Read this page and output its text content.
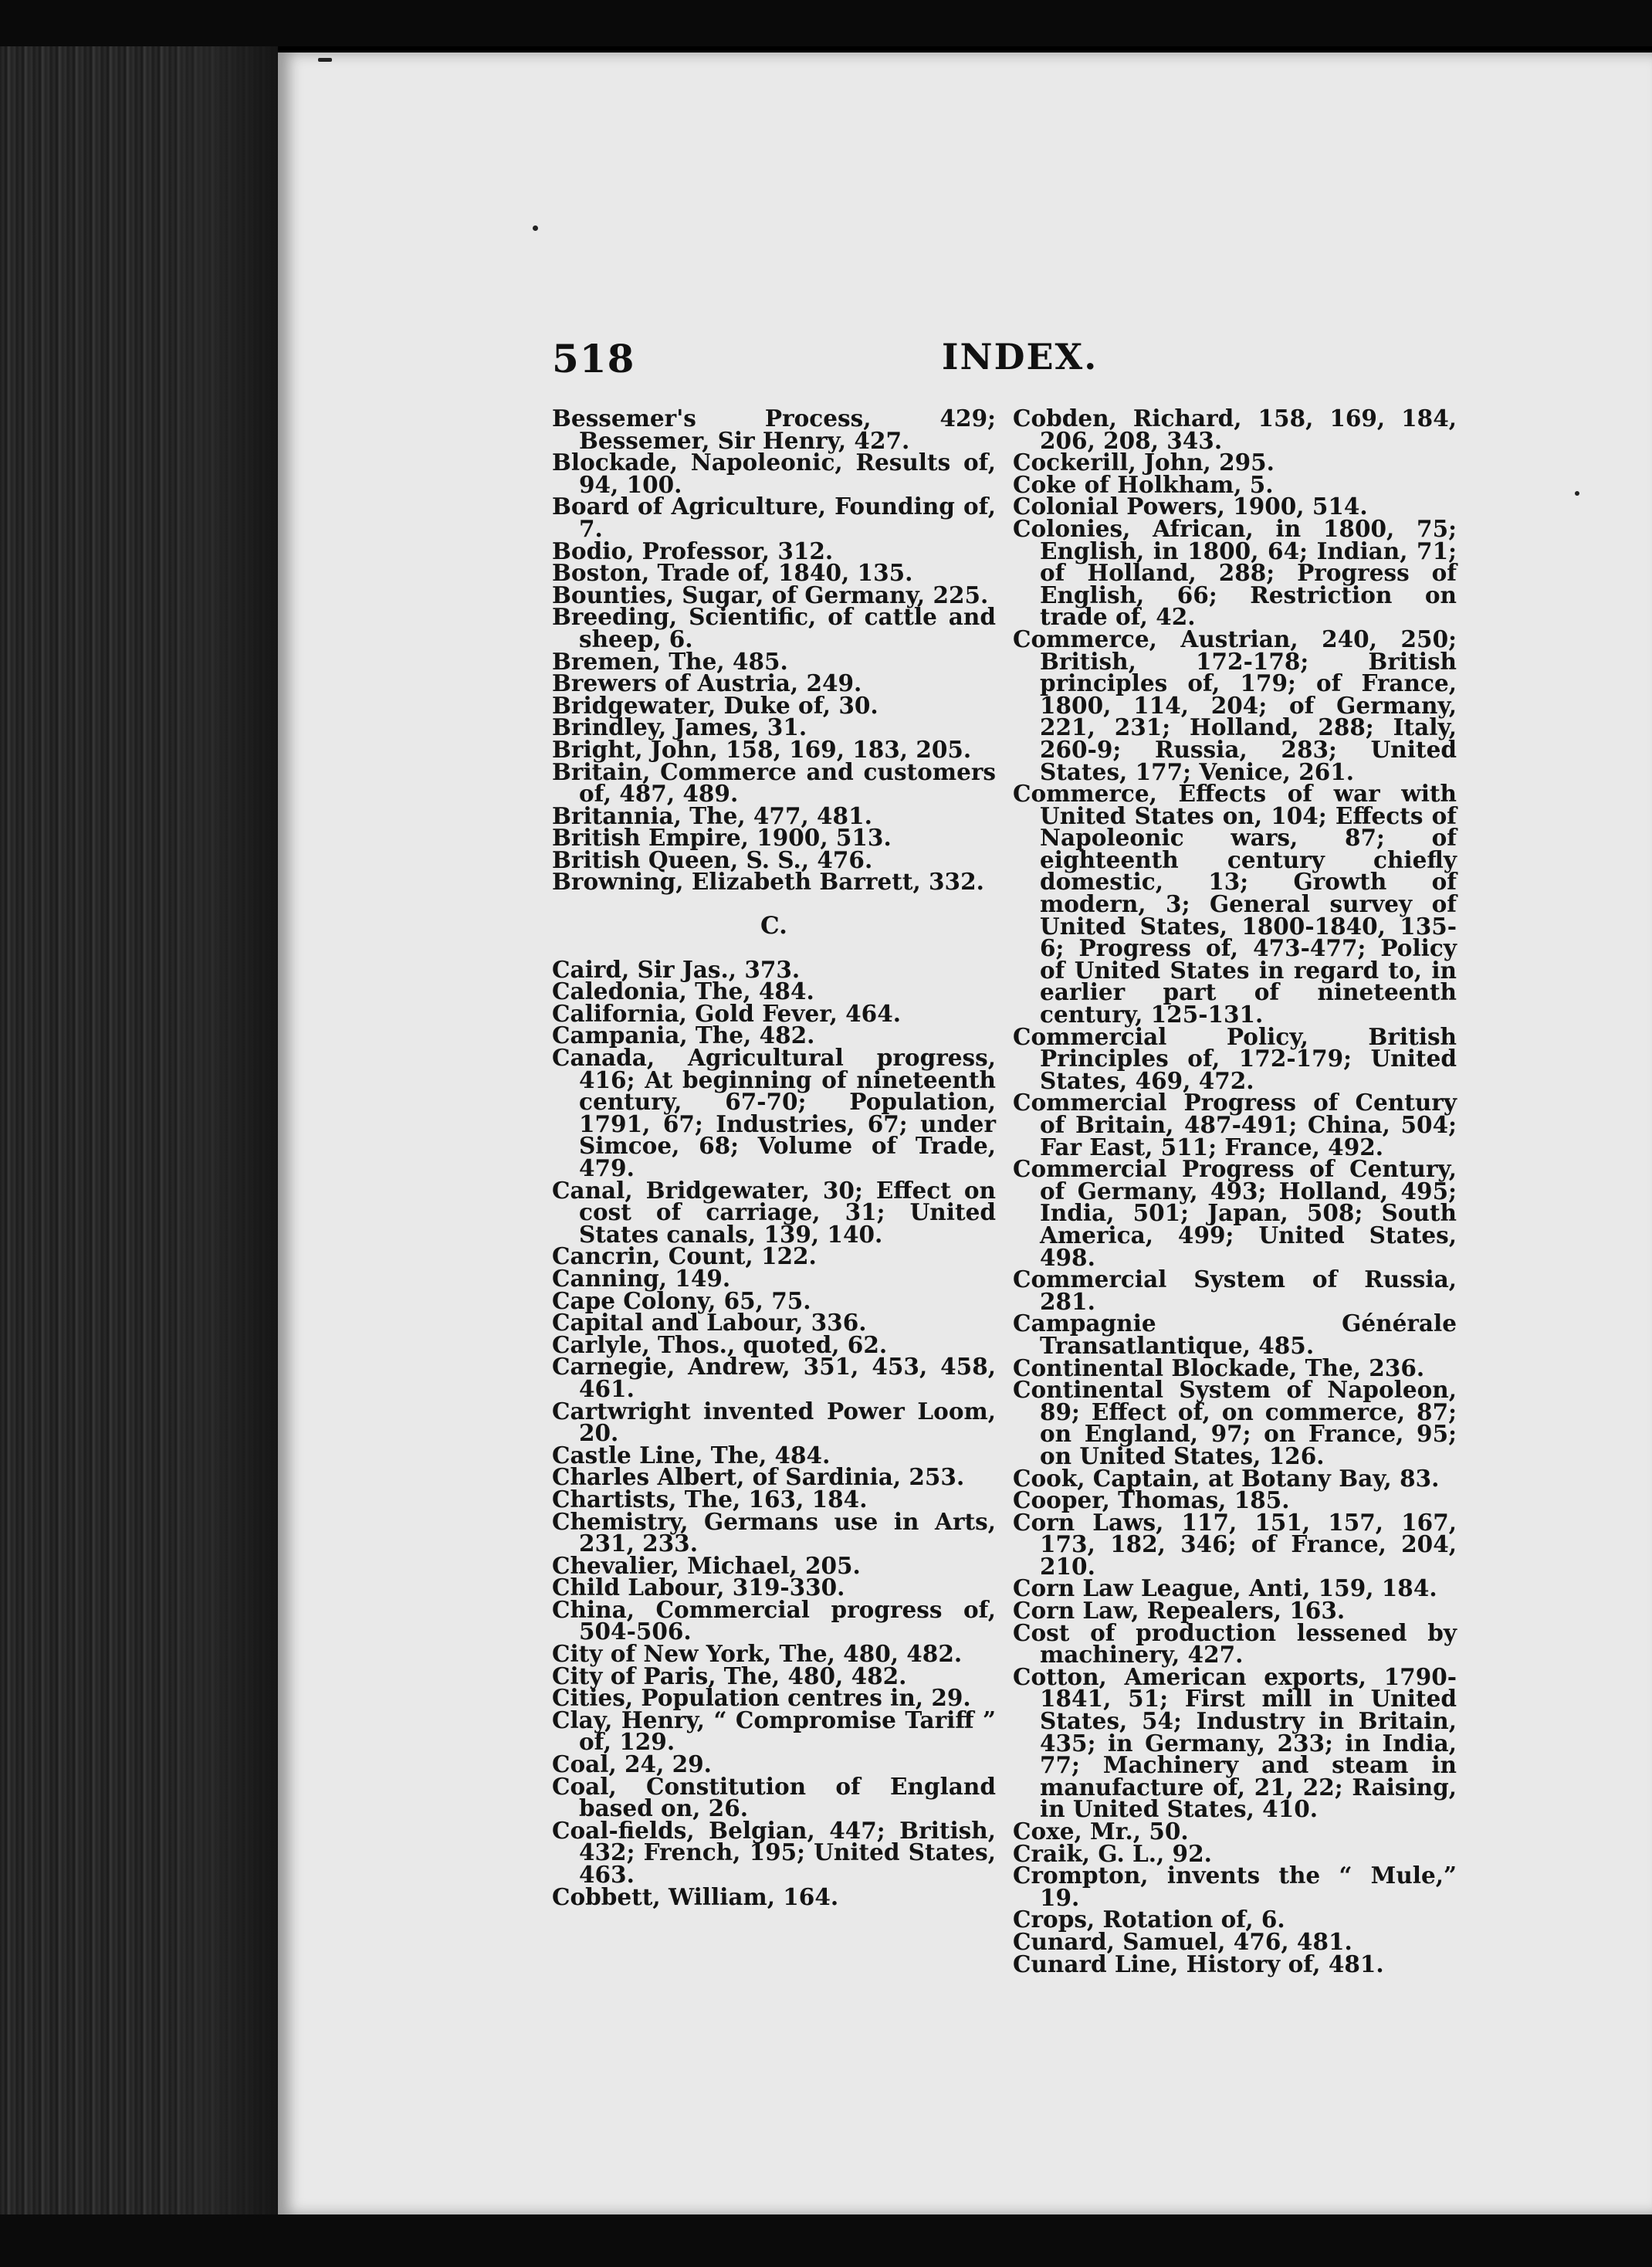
518	INDEX.

Bessemer's Process, 429; Bessemer, Sir Henry, 427.

Blockade, Napoleonic, Results of, 94, 100.

Board of Agriculture, Founding of, 7.

Bodio, Professor, 312.

Boston, Trade of, 1840, 135.

Bounties, Sugar, of Germany, 225.

Breeding, Scientific, of cattle and sheep, 6.

Bremen, The, 485.

Brewers of Austria, 249.

Bridgewater, Duke of, 30.

Brindley, James, 31.

Bright, John, 158, 169, 183, 205.

Britain, Commerce and customers of, 487, 489.

Britannia, The, 477, 481.

British Empire, 1900, 513.

British Queen, S. S., 476.

Browning, Elizabeth Barrett, 332.

C.

Caird, Sir Jas., 373.

Caledonia, The, 484.

California, Gold Fever, 464.

Campania, The, 482.

Canada, Agricultural progress, 416; At beginning of nineteenth century, 67-70; Population, 1791, 67; Industries, 67; under Simcoe, 68; Volume of Trade, 479.

Canal, Bridgewater, 30; Effect on cost of carriage, 31; United States canals, 139, 140.

Cancrin, Count, 122.

Canning, 149.

Cape Colony, 65, 75.

Capital and Labour, 336.

Carlyle, Thos., quoted, 62.

Carnegie, Andrew, 351, 453, 458, 461.

Cartwright invented Power Loom, 20.

Castle Line, The, 484.

Charles Albert, of Sardinia, 253.

Chartists, The, 163, 184.

Chemistry, Germans use in Arts, 231, 233.

Chevalier, Michael, 205.

Child Labour, 319-330.

China, Commercial progress of, 504-506.

City of New York, The, 480, 482.

City of Paris, The, 480, 482.

Cities, Population centres in, 29.

Clay, Henry, “ Compromise Tariff ” of, 129.

Coal, 24, 29.

Coal, Constitution of England based on, 26.

Coal-fields, Belgian, 447; British, 432; French, 195; United States, 463.

Cobbett, William, 164.

Cobden, Richard, 158, 169, 184, 206, 208, 343.

Cockerill, John, 295.

Coke of Holkham, 5.

Colonial Powers, 1900, 514.

Colonies, African, in 1800, 75; English, in 1800, 64; Indian, 71; of Holland, 288; Progress of English, 66; Restriction on trade of, 42.

Commerce, Austrian, 240, 250; British, 172-178; British principles of, 179; of France, 1800, 114, 204; of Germany, 221, 231; Holland, 288; Italy, 260-9; Russia, 283; United States, 177; Venice, 261.

Commerce, Effects of war with United States on, 104; Effects of Napoleonic wars, 87; of eighteenth century chiefly domestic, 13; Growth of modern, 3; General survey of United States, 1800-1840, 135-6; Progress of, 473-477; Policy of United States in regard to, in earlier part of nineteenth century, 125-131.

Commercial Policy, British Principles of, 172-179; United States, 469, 472.

Commercial Progress of Century of Britain, 487-491; China, 504; Far East, 511; France, 492.

Commercial Progress of Century, of Germany, 493; Holland, 495; India, 501; Japan, 508; South America, 499; United States, 498.

Commercial System of Russia, 281.

Campagnie Générale Transatlantique, 485.

Continental Blockade, The, 236.

Continental System of Napoleon, 89; Effect of, on commerce, 87; on England, 97; on France, 95; on United States, 126.

Cook, Captain, at Botany Bay, 83.

Cooper, Thomas, 185.

Corn Laws, 117, 151, 157, 167, 173, 182, 346; of France, 204, 210.

Corn Law League, Anti, 159, 184.

Corn Law, Repealers, 163.

Cost of production lessened by machinery, 427.

Cotton, American exports, 1790-1841, 51; First mill in United States, 54; Industry in Britain, 435; in Germany, 233; in India, 77; Machinery and steam in manufacture of, 21, 22; Raising, in United States, 410.

Coxe, Mr., 50.

Craik, G. L., 92.

Crompton, invents the “ Mule,” 19.

Crops, Rotation of, 6.

Cunard, Samuel, 476, 481.

Cunard Line, History of, 481.
